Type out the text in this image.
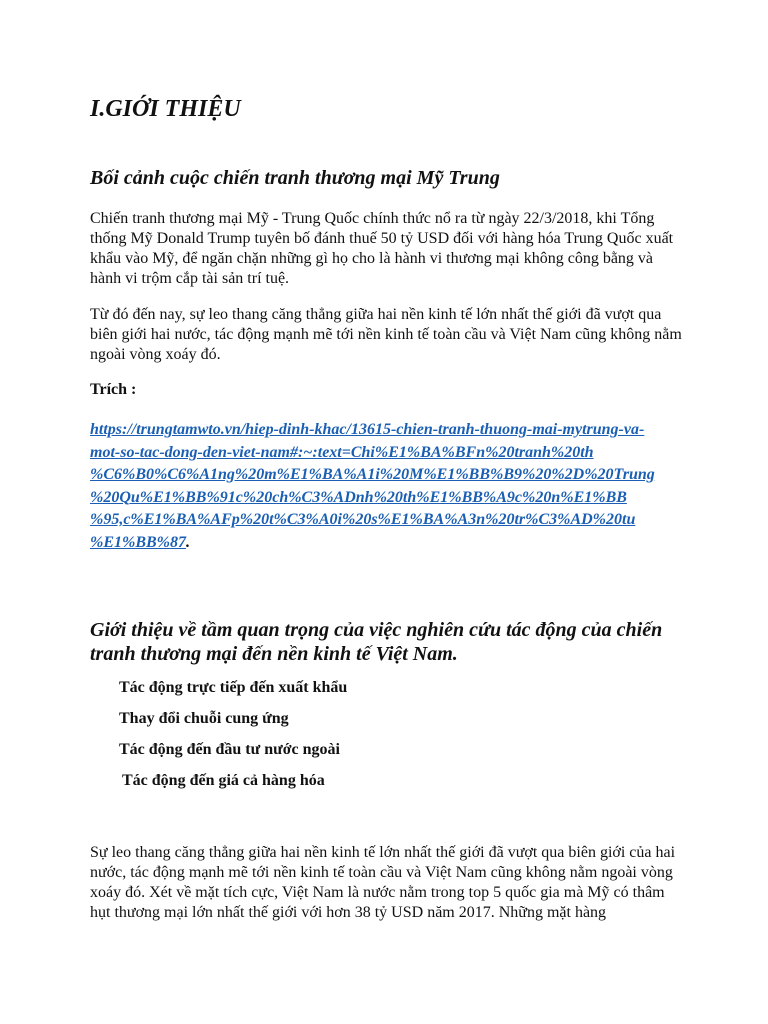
I.GIỚI THIỆU
Bối cảnh cuộc chiến tranh thương mại Mỹ Trung

Chiến tranh thương mại Mỹ - Trung Quốc chính thức nổ ra từ ngày 22/3/2018, khi Tổng thống Mỹ Donald Trump tuyên bố đánh thuế 50 tỷ USD đối với hàng hóa Trung Quốc xuất khẩu vào Mỹ, để ngăn chặn những gì họ cho là hành vi thương mại không công bằng và hành vi trộm cắp tài sản trí tuệ.

Từ đó đến nay, sự leo thang căng thẳng giữa hai nền kinh tế lớn nhất thế giới đã vượt qua biên giới hai nước, tác động mạnh mẽ tới nền kinh tế toàn cầu và Việt Nam cũng không nằm ngoài vòng xoáy đó.

Trích :

https://trungtamwto.vn/hiep-dinh-khac/13615-chien-tranh-thuong-mai-mytrung-va-
mot-so-tac-dong-den-viet-nam#:~:text=Chi%E1%BA%BFn%20tranh%20th
%C6%B0%C6%A1ng%20m%E1%BA%A1i%20M%E1%BB%B9%20%2D%20Trung
%20Qu%E1%BB%91c%20ch%C3%ADnh%20th%E1%BB%A9c%20n%E1%BB
%95,c%E1%BA%AFp%20t%C3%A0i%20s%E1%BA%A3n%20tr%C3%AD%20tu
%E1%BB%87.

Giới thiệu về tầm quan trọng của việc nghiên cứu tác động của chiến tranh thương mại đến nền kinh tế Việt Nam.
Tác động trực tiếp đến xuất khẩu
Thay đổi chuỗi cung ứng
Tác động đến đầu tư nước ngoài
Tác động đến giá cả hàng hóa

Sự leo thang căng thẳng giữa hai nền kinh tế lớn nhất thế giới đã vượt qua biên giới của hai nước, tác động mạnh mẽ tới nền kinh tế toàn cầu và Việt Nam cũng không nằm ngoài vòng xoáy đó. Xét về mặt tích cực, Việt Nam là nước nằm trong top 5 quốc gia mà Mỹ có thâm hụt thương mại lớn nhất thế giới với hơn 38 tỷ USD năm 2017. Những mặt hàng
